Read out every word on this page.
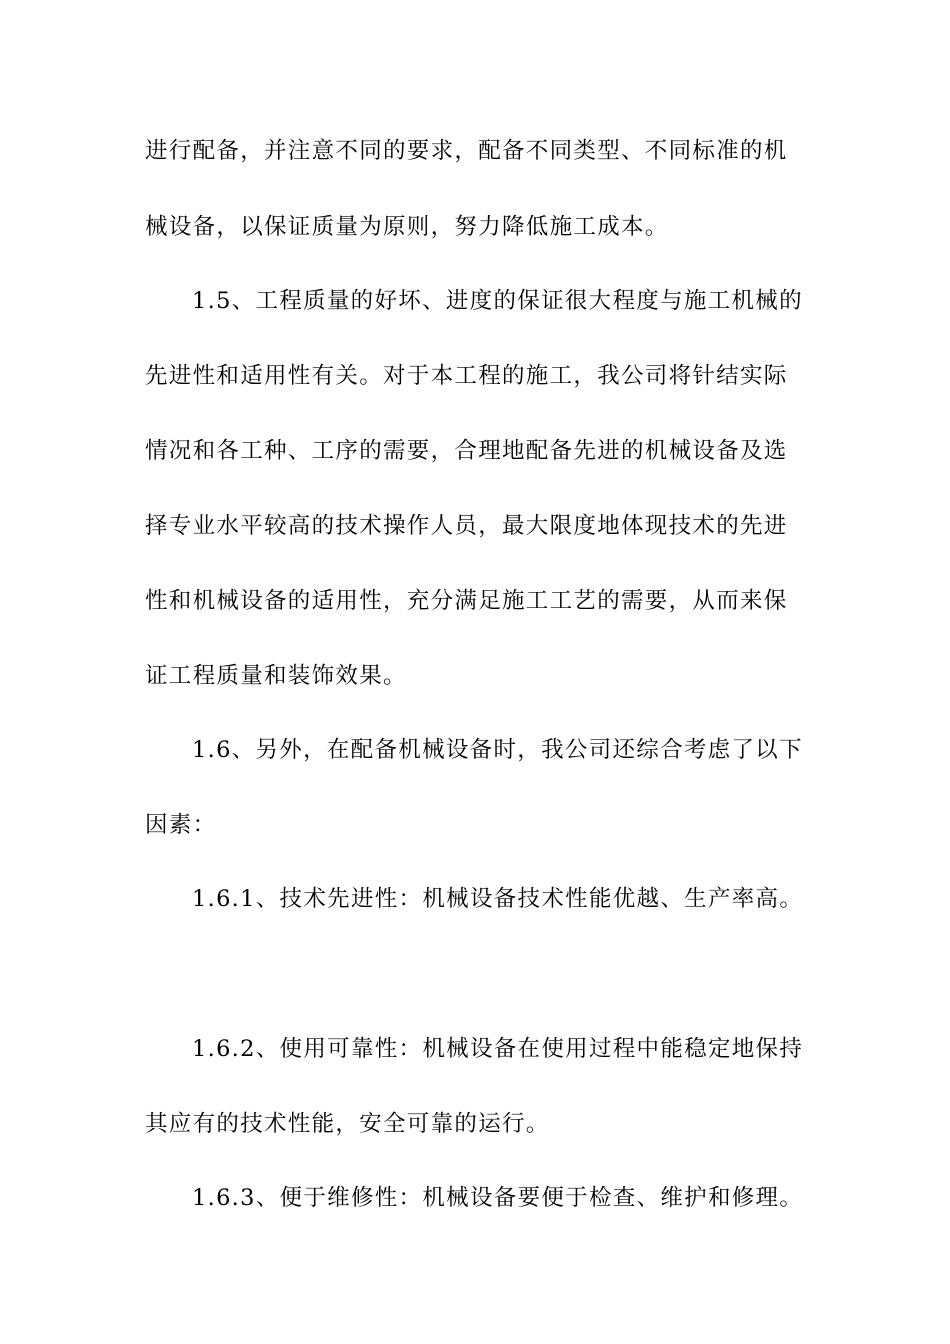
进行配备，并注意不同的要求，配备不同类型、不同标准的机
械设备，以保证质量为原则，努力降低施工成本。
1.5、工程质量的好坏、进度的保证很大程度与施工机械的
先进性和适用性有关。对于本工程的施工，我公司将针结实际
情况和各工种、工序的需要，合理地配备先进的机械设备及选
择专业水平较高的技术操作人员，最大限度地体现技术的先进
性和机械设备的适用性，充分满足施工工艺的需要，从而来保
证工程质量和装饰效果。
1.6、另外，在配备机械设备时，我公司还综合考虑了以下
因素：
1.6.1、技术先进性：机械设备技术性能优越、生产率高。
1.6.2、使用可靠性：机械设备在使用过程中能稳定地保持
其应有的技术性能，安全可靠的运行。
1.6.3、便于维修性：机械设备要便于检查、维护和修理。
